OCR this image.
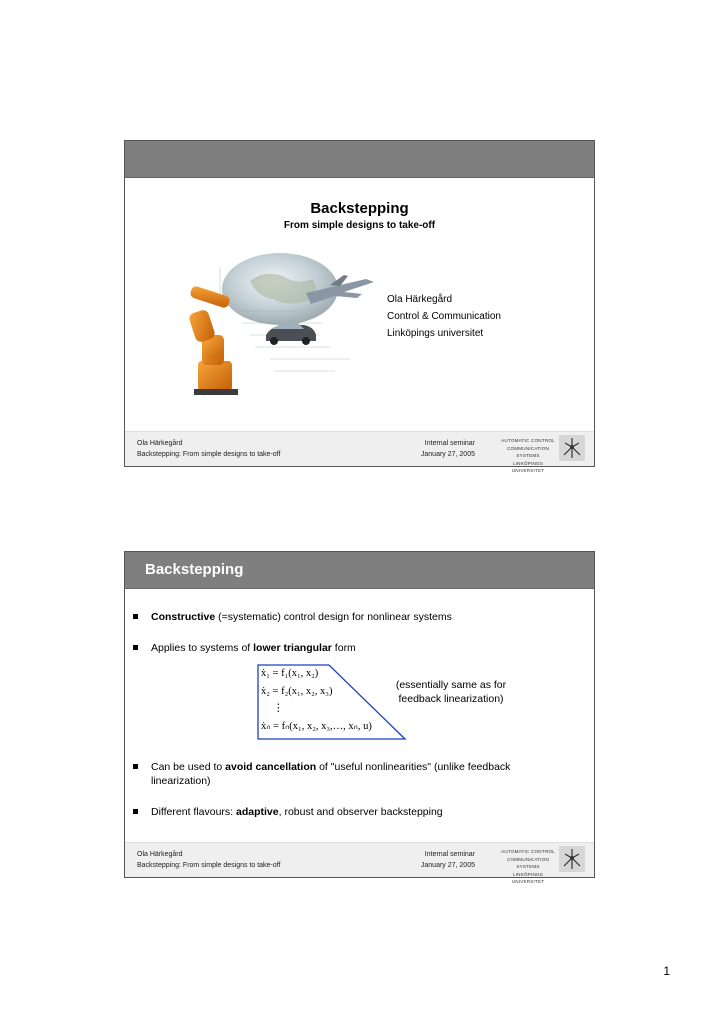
Backstepping
From simple designs to take-off
Ola Härkegård
Control & Communication
Linköpings universitet
Ola Härkegård
Backstepping: From simple designs to take-off
Internal seminar
January 27, 2005
AUTOMATIC CONTROL
COMMUNICATION SYSTEMS
LINKÖPINGS UNIVERSITET
Backstepping
Constructive (=systematic) control design for nonlinear systems
Applies to systems of lower triangular form
ẋ₁ = f₁(x₁, x₂)
ẋ₂ = f₂(x₁, x₂, x₃)
⋮
ẋₙ = fₙ(x₁, x₂, x₃,…, xₙ, u)
(essentially same as for feedback linearization)
Can be used to avoid cancellation of "useful nonlinearities" (unlike feedback linearization)
Different flavours: adaptive, robust and observer backstepping
Ola Härkegård
Backstepping: From simple designs to take-off
Internal seminar
January 27, 2005
AUTOMATIC CONTROL
COMMUNICATION SYSTEMS
LINKÖPINGS UNIVERSITET
1
